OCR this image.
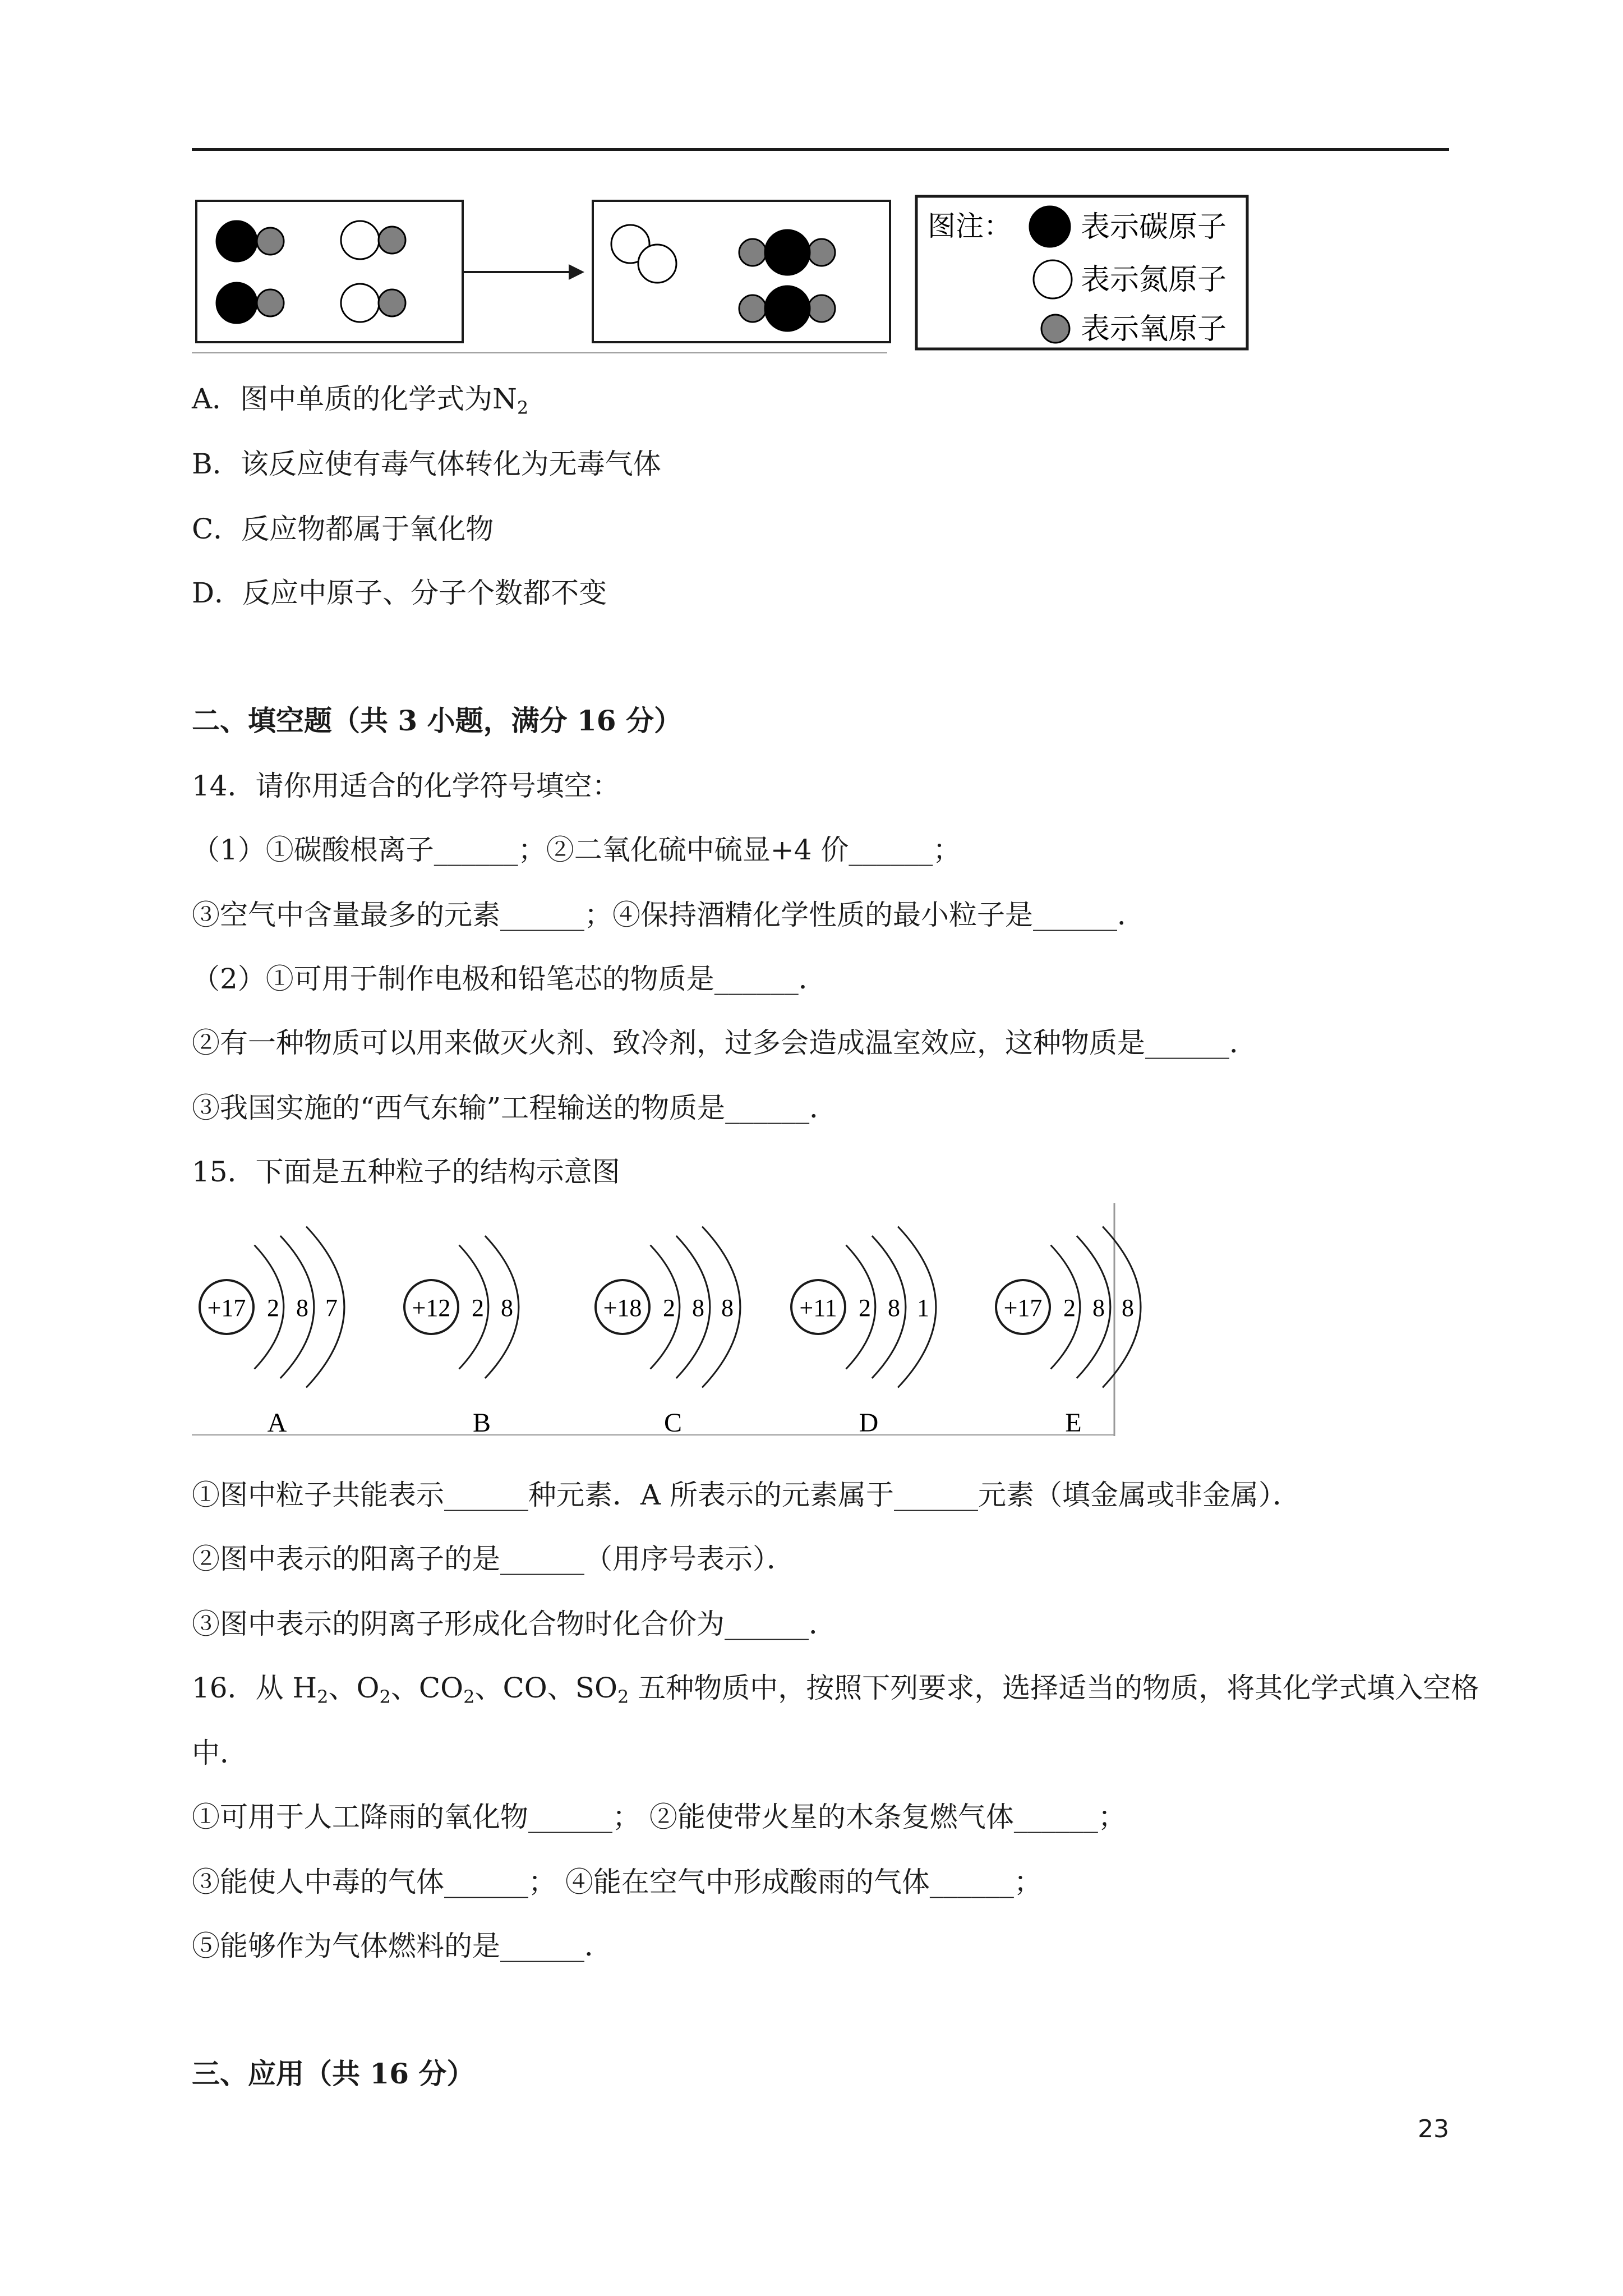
图注： 表示碳原子
表示氮原子
表示氧原子
A．图中单质的化学式为$N_2$
B．该反应使有毒气体转化为无毒气体
C．反应物都属于氧化物
D．反应中原子、分子个数都不变
二、填空题（共 3 小题，满分 16 分）
14．请你用适合的化学符号填空：
（1）①碳酸根离子______；②二氧化硫中硫显+4 价______；
③空气中含量最多的元素______；④保持酒精化学性质的最小粒子是______．
（2）①可用于制作电极和铅笔芯的物质是______．
②有一种物质可以用来做灭火剂、致冷剂，过多会造成温室效应，这种物质是______．
③我国实施的“西气东输”工程输送的物质是______．
15．下面是五种粒子的结构示意图
+17 2 8 7
A
+12 2 8
B
+18 2 8 8
C
+11 2 8 1
D
+17 2 8 8
E
①图中粒子共能表示______种元素．A 所表示的元素属于______元素（填金属或非金属）．
②图中表示的阳离子的是______（用序号表示）．
③图中表示的阴离子形成化合物时化合价为______．
16．从 $H_2$、$O_2$、$CO_2$、CO、$SO_2$ 五种物质中，按照下列要求，选择适当的物质，将其化学式填入空格
中．
①可用于人工降雨的氧化物______； ②能使带火星的木条复燃气体______；
③能使人中毒的气体______； ④能在空气中形成酸雨的气体______；
⑤能够作为气体燃料的是______．
三、应用（共 16 分）
23
